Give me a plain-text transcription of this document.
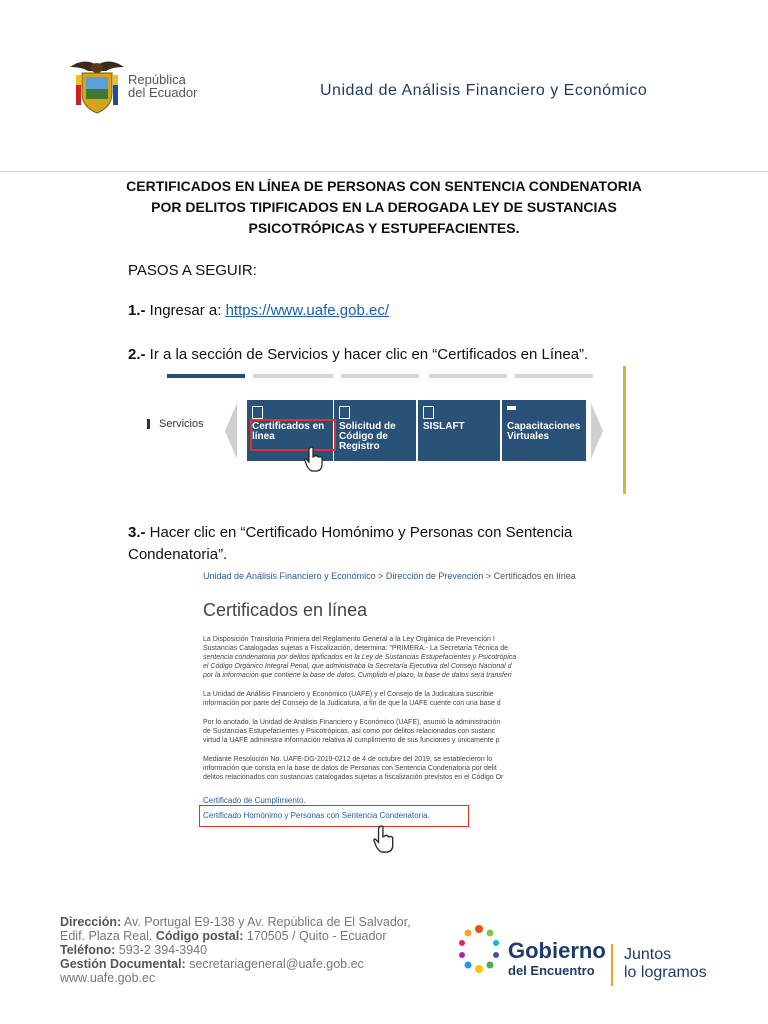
República
del Ecuador	Unidad de Análisis Financiero y Económico
CERTIFICADOS EN LÍNEA DE PERSONAS CON SENTENCIA CONDENATORIA
POR DELITOS TIPIFICADOS EN LA DEROGADA LEY DE SUSTANCIAS
PSICOTRÓPICAS Y ESTUPEFACIENTES.
PASOS A SEGUIR:
1.- Ingresar a: https://www.uafe.gob.ec/
2.- Ir a la sección de Servicios y hacer clic en “Certificados en Línea”.
Servicios	Certificados en
línea
Solicitud de
Código de
Registro
SISLAFT	Capacitaciones
Virtuales
3.- Hacer clic en “Certificado Homónimo y Personas con Sentencia
Condenatoria”.
Unidad de Análisis Financiero y Económico > Dirección de Prevención > Certificados en línea
Certificados en línea
La Disposición Transitoria Primera del Reglamento General a la Ley Orgánica de Prevención I
Sustancias Catalogadas sujetas a Fiscalización, determina: "PRIMERA.- La Secretaría Técnica de
sentencia condenatoria por delitos tipificados en la Ley de Sustancias Estupefacientes y Psicotrópica
el Código Orgánico Integral Penal, que administraba la Secretaría Ejecutiva del Consejo Nacional d
por la información que contiene la base de datos. Cumplido el plazo, la base de datos será transferi
La Unidad de Análisis Financiero y Económico (UAFE) y el Consejo de la Judicatura suscribie
información por parte del Consejo de la Judicatura, a fin de que la UAFE cuente con una base d
Por lo anotado, la Unidad de Análisis Financiero y Económico (UAFE), asumió la administración
de Sustancias Estupefacientes y Psicotrópicas, así como por delitos relacionados con sustanc
virtud la UAFE administra información relativa al cumplimiento de sus funciones y únicamente p
Mediante Resolución No. UAFE-DG-2019-0212 de 4 de octubre del 2019, se establecieron lo
información que consta en la base de datos de Personas con Sentencia Condenatoria por delit
delitos relacionados con sustancias catalogadas sujetas a fiscalización previstos en el Código Or
Certificado de Cumplimiento.
Certificado Homónimo y Personas con Sentencia Condenatoria.
Dirección: Av. Portugal E9-138 y Av. República de El Salvador,
Edif. Plaza Real. Código postal: 170505 / Quito - Ecuador
Teléfono: 593-2 394-3940
Gestión Documental: secretariageneral@uafe.gob.ec
www.uafe.gob.ec
Gobierno
del Encuentro
Juntos
lo logramos
